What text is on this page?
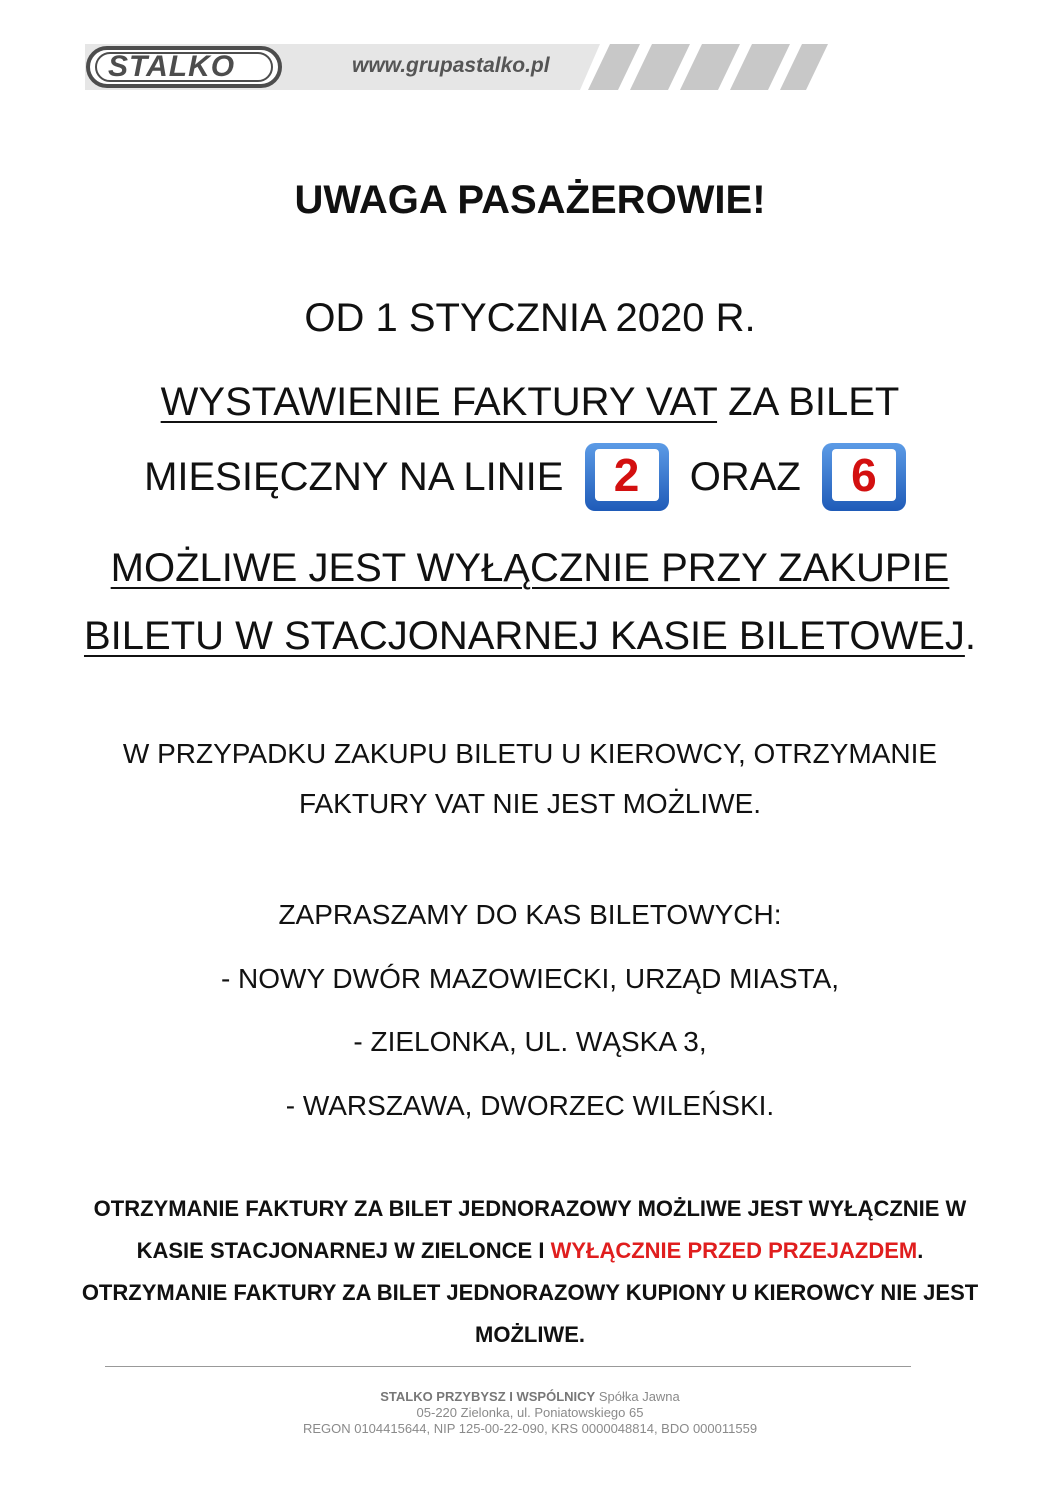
STALKO	www.grupastalko.pl
UWAGA PASAŻEROWIE!
OD 1 STYCZNIA 2020 R.
WYSTAWIENIE FAKTURY VAT ZA BILET
MIESIĘCZNY NA LINIE	2	ORAZ	6
MOŻLIWE JEST WYŁĄCZNIE PRZY ZAKUPIE
BILETU W STACJONARNEJ KASIE BILETOWEJ.
W PRZYPADKU ZAKUPU BILETU U KIEROWCY, OTRZYMANIE
FAKTURY VAT NIE JEST MOŻLIWE.
ZAPRASZAMY DO KAS BILETOWYCH:
- NOWY DWÓR MAZOWIECKI, URZĄD MIASTA,
- ZIELONKA, UL. WĄSKA 3,
- WARSZAWA, DWORZEC WILEŃSKI.
OTRZYMANIE FAKTURY ZA BILET JEDNORAZOWY MOŻLIWE JEST WYŁĄCZNIE W
KASIE STACJONARNEJ W ZIELONCE I WYŁĄCZNIE PRZED PRZEJAZDEM.
OTRZYMANIE FAKTURY ZA BILET JEDNORAZOWY KUPIONY U KIEROWCY NIE JEST
MOŻLIWE.
STALKO PRZYBYSZ I WSPÓLNICY Spółka Jawna
05-220 Zielonka, ul. Poniatowskiego 65
REGON 0104415644, NIP 125-00-22-090, KRS 0000048814, BDO 000011559
